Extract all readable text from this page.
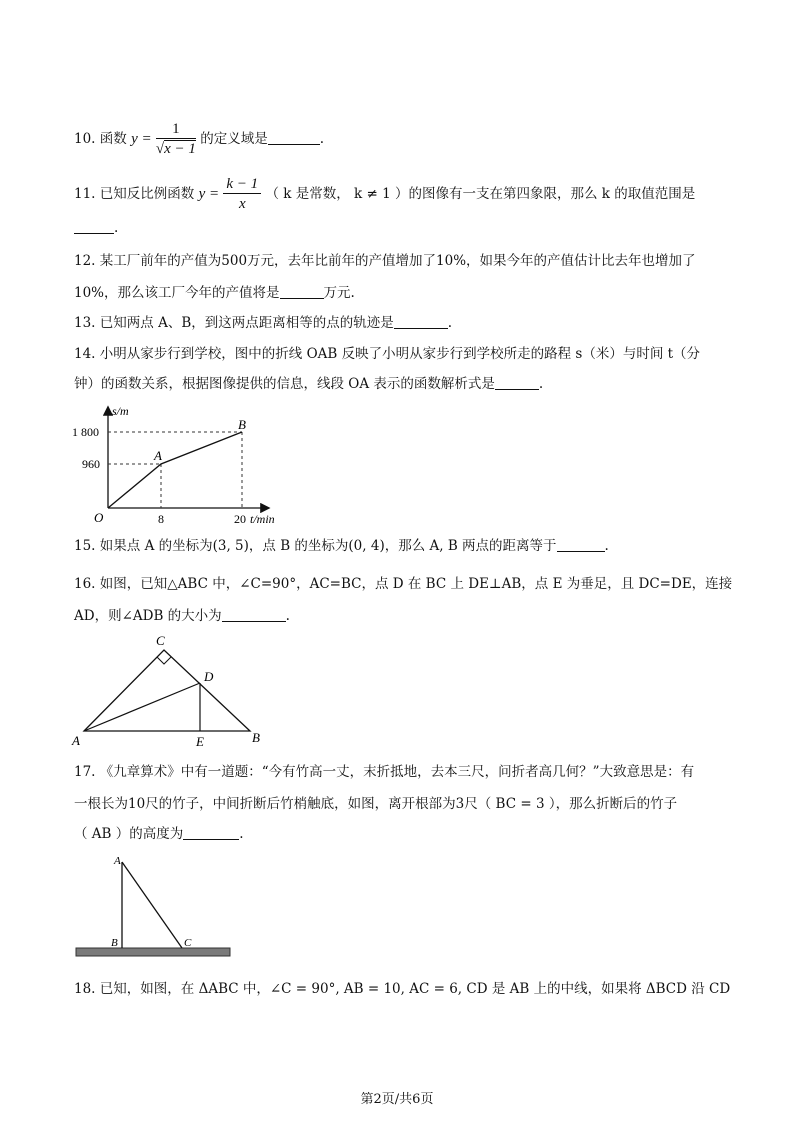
10. 函数 $y = \frac{1}{√x - 1}$ 的定义域是	.
11. 已知反比例函数 $y = \frac{k - 1}{x}$ （ k 是常数， k ≠ 1 ）的图像有一支在第四象限，那么 k 的取值范围是
.
12. 某工厂前年的产值为500万元，去年比前年的产值增加了10%，如果今年的产值估计比去年也增加了
10%，那么该工厂今年的产值将是	万元.
13. 已知两点 A、B，到这两点距离相等的点的轨迹是	.
14. 小明从家步行到学校，图中的折线 OAB 反映了小明从家步行到学校所走的路程 s（米）与时间 t（分
钟）的函数关系，根据图像提供的信息，线段 OA 表示的函数解析式是	.
s/m
1 800
960
O	8	20 t/min
A
B
15. 如果点 A 的坐标为(3, 5)，点 B 的坐标为(0, 4)，那么 A, B 两点的距离等于	.
16. 如图，已知△ABC 中，∠C=90°，AC=BC，点 D 在 BC 上 DE⊥AB，点 E 为垂足，且 DC=DE，连接
AD，则∠ADB 的大小为	.
C
D
A	E	B
17. 《九章算术》中有一道题：“今有竹高一丈，末折抵地，去本三尺，问折者高几何？”大致意思是：有
一根长为10尺的竹子，中间折断后竹梢触底，如图，离开根部为3尺（ BC = 3 ），那么折断后的竹子
（ AB ）的高度为	.
A
B	C
18. 已知，如图，在 ΔABC 中，∠C = 90°, AB = 10, AC = 6, CD 是 AB 上的中线，如果将 ΔBCD 沿 CD
第2页/共6页
